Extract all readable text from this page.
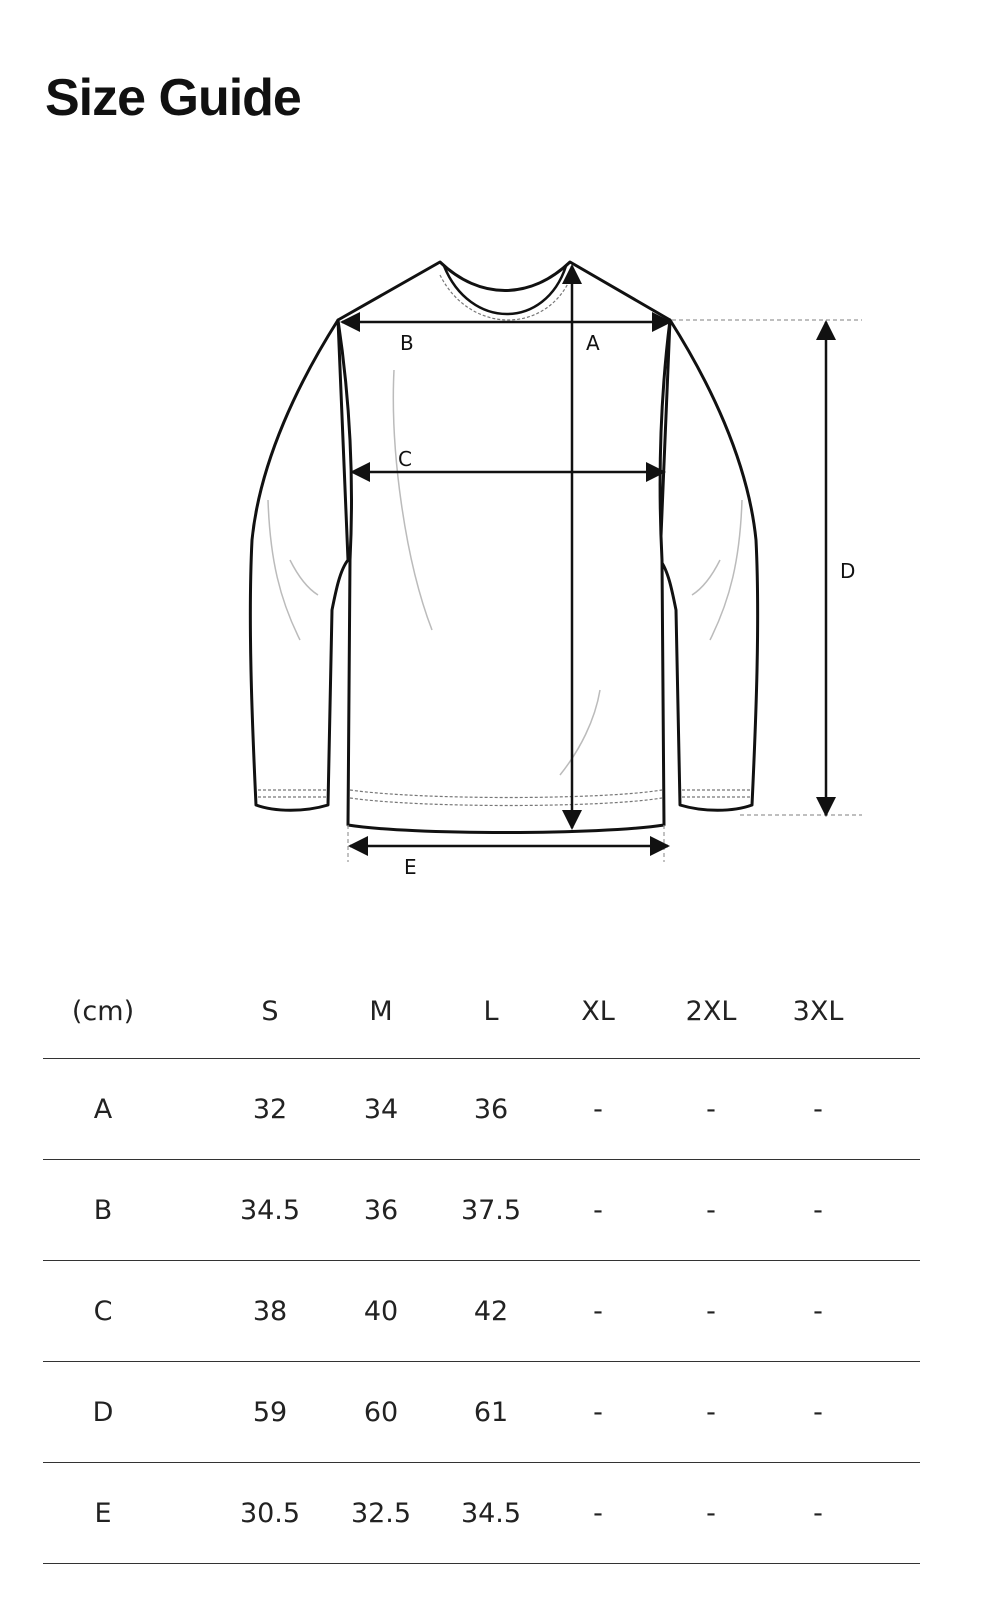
Size Guide
B	A
C
D
E
(cm)	S	M	L	XL	2XL	3XL
A	32	34	36	-	-	-
B	34.5	36	37.5	-	-	-
C	38	40	42	-	-	-
D	59	60	61	-	-	-
E	30.5	32.5	34.5	-	-	-
